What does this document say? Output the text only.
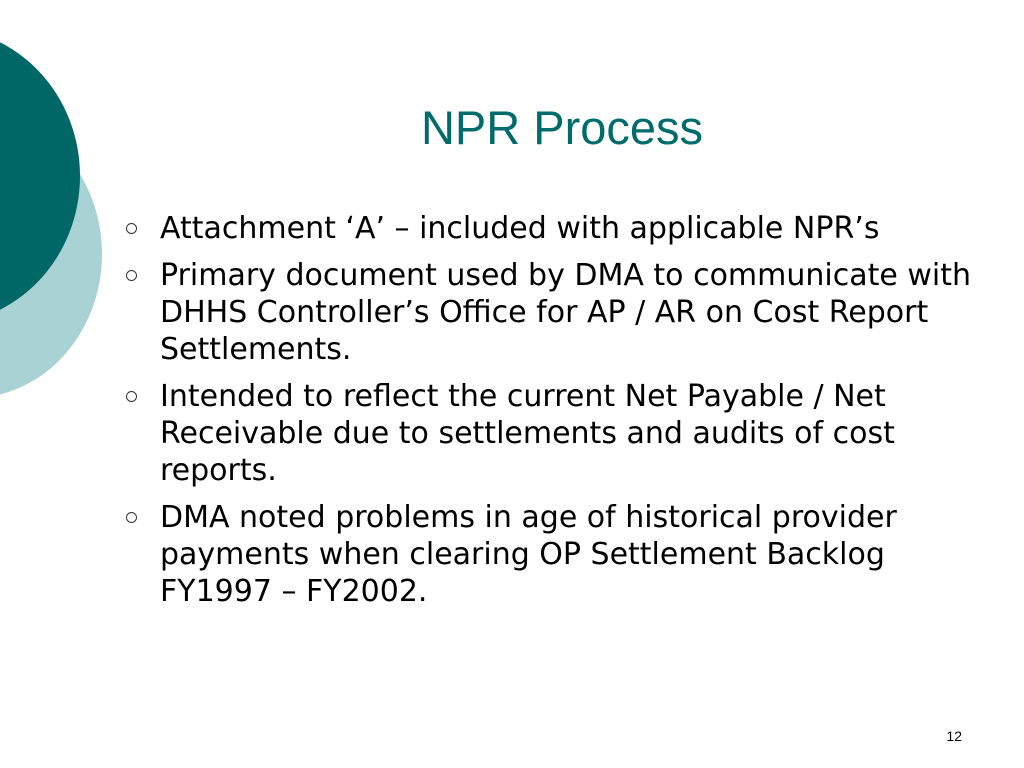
NPR Process
Attachment ‘A’ – included with applicable NPR’s
Primary document used by DMA to communicate with DHHS Controller’s Office for AP / AR on Cost Report Settlements.
Intended to reflect the current Net Payable / Net Receivable due to settlements and audits of cost reports.
DMA noted problems in age of historical provider payments when clearing OP Settlement Backlog FY1997 – FY2002.
12
